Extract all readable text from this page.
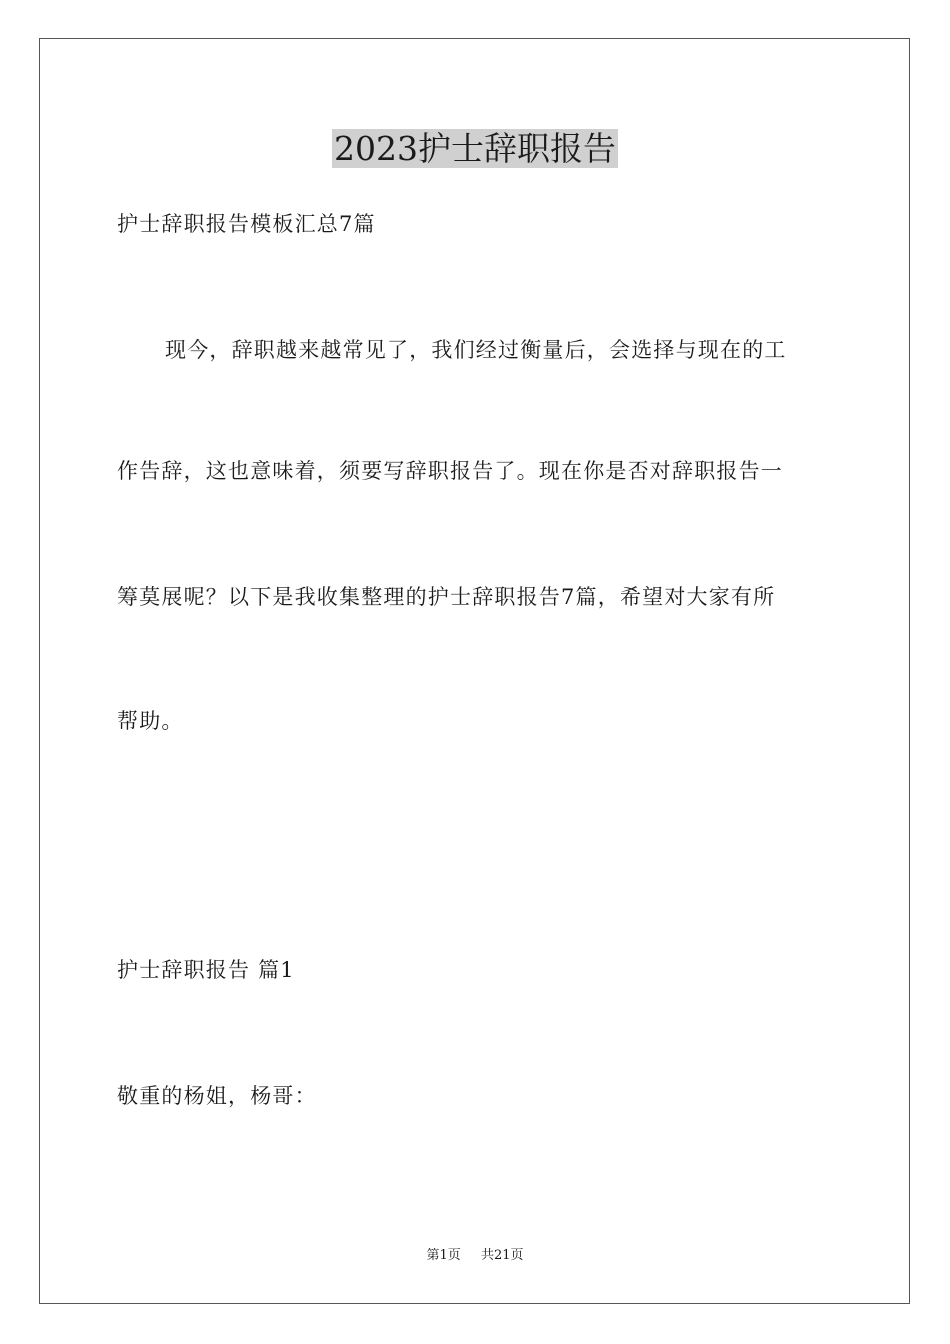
2023护士辞职报告
护士辞职报告模板汇总7篇
现今，辞职越来越常见了，我们经过衡量后，会选择与现在的工
作告辞，这也意味着，须要写辞职报告了。现在你是否对辞职报告一
筹莫展呢？以下是我收集整理的护士辞职报告7篇，希望对大家有所
帮助。
护士辞职报告 篇1
敬重的杨姐，杨哥：
第1页 共21页
